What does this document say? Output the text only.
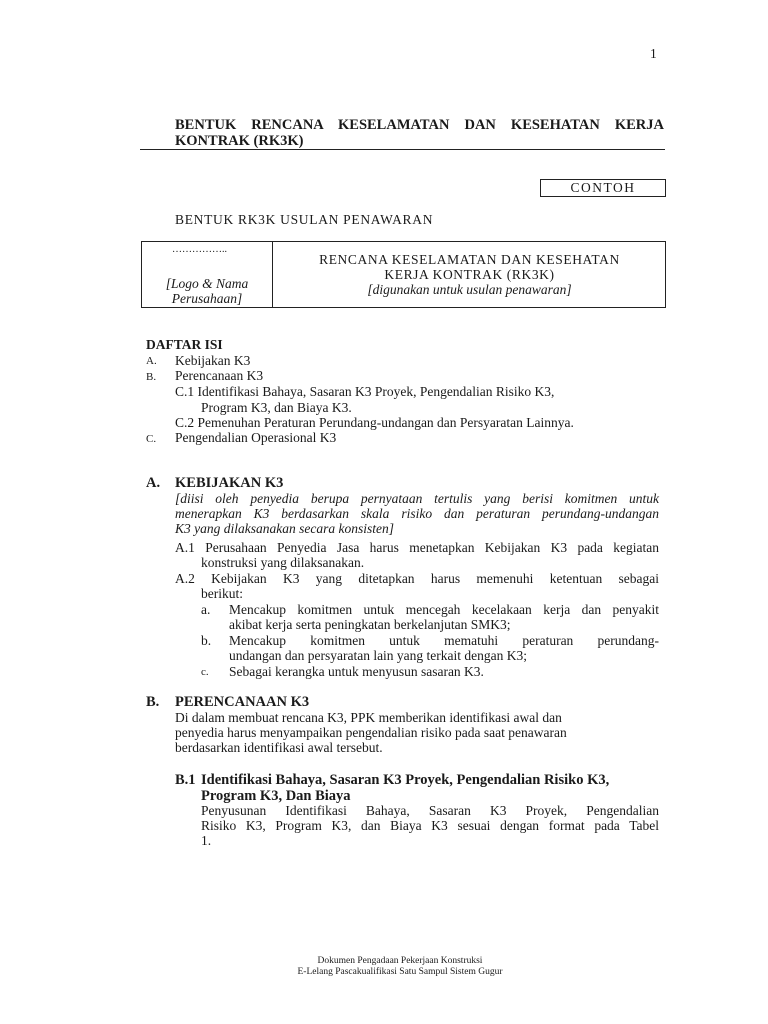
1
BENTUK RENCANA KESELAMATAN DAN KESEHATAN KERJA
KONTRAK (RK3K)
CONTOH
BENTUK RK3K USULAN PENAWARAN
……………..
[Logo & Nama
Perusahaan]
RENCANA KESELAMATAN DAN KESEHATAN
KERJA KONTRAK (RK3K)
[digunakan untuk usulan penawaran]
DAFTAR ISI
A. Kebijakan K3
B. Perencanaan K3
C.1 Identifikasi Bahaya, Sasaran K3 Proyek, Pengendalian Risiko K3,
Program K3, dan Biaya K3.
C.2 Pemenuhan Peraturan Perundang-undangan dan Persyaratan Lainnya.
C. Pengendalian Operasional K3
A. KEBIJAKAN K3
[diisi oleh penyedia berupa pernyataan tertulis yang berisi komitmen untuk
menerapkan K3 berdasarkan skala risiko dan peraturan perundang-undangan
K3 yang dilaksanakan secara konsisten]
A.1 Perusahaan Penyedia Jasa harus menetapkan Kebijakan K3 pada kegiatan
konstruksi yang dilaksanakan.
A.2 Kebijakan K3 yang ditetapkan harus memenuhi ketentuan sebagai
berikut:
a. Mencakup komitmen untuk mencegah kecelakaan kerja dan penyakit
akibat kerja serta peningkatan berkelanjutan SMK3;
b. Mencakup komitmen untuk mematuhi peraturan perundang-
undangan dan persyaratan lain yang terkait dengan K3;
c. Sebagai kerangka untuk menyusun sasaran K3.
B. PERENCANAAN K3
Di dalam membuat rencana K3, PPK memberikan identifikasi awal dan
penyedia harus menyampaikan pengendalian risiko pada saat penawaran
berdasarkan identifikasi awal tersebut.
B.1 Identifikasi Bahaya, Sasaran K3 Proyek, Pengendalian Risiko K3,
Program K3, Dan Biaya
Penyusunan Identifikasi Bahaya, Sasaran K3 Proyek, Pengendalian
Risiko K3, Program K3, dan Biaya K3 sesuai dengan format pada Tabel
1.
Dokumen Pengadaan Pekerjaan Konstruksi
E-Lelang Pascakualifikasi Satu Sampul Sistem Gugur
